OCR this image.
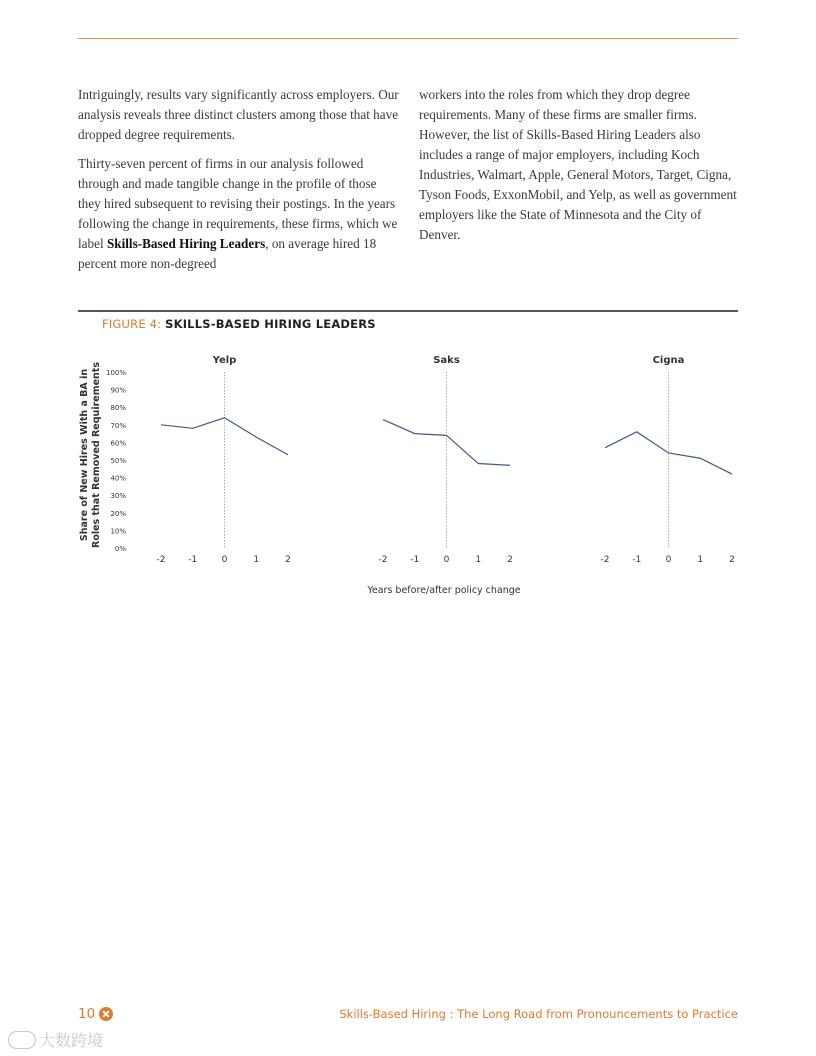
Intriguingly, results vary significantly across employers. Our analysis reveals three distinct clusters among those that have dropped degree requirements.

Thirty-seven percent of firms in our analysis followed through and made tangible change in the profile of those they hired subsequent to revising their postings. In the years following the change in requirements, these firms, which we label Skills-Based Hiring Leaders, on average hired 18 percent more non-degreed

workers into the roles from which they drop degree requirements. Many of these firms are smaller firms. However, the list of Skills-Based Hiring Leaders also includes a range of major employers, including Koch Industries, Walmart, Apple, General Motors, Target, Cigna, Tyson Foods, ExxonMobil, and Yelp, as well as government employers like the State of Minnesota and the City of Denver.

FIGURE 4: SKILLS-BASED HIRING LEADERS
Share of New Hires With a BA in Roles that Removed Requirements
0%
10%
20%
30%
40%
50%
60%
70%
80%
90%
100%
Yelp
-2	-1	0	1	2
Saks
-2	-1	0	1	2
Cigna
-2	-1	0	1	2
Years before/after policy change
10	Skills-Based Hiring : The Long Road from Pronouncements to Practice
大数跨境
